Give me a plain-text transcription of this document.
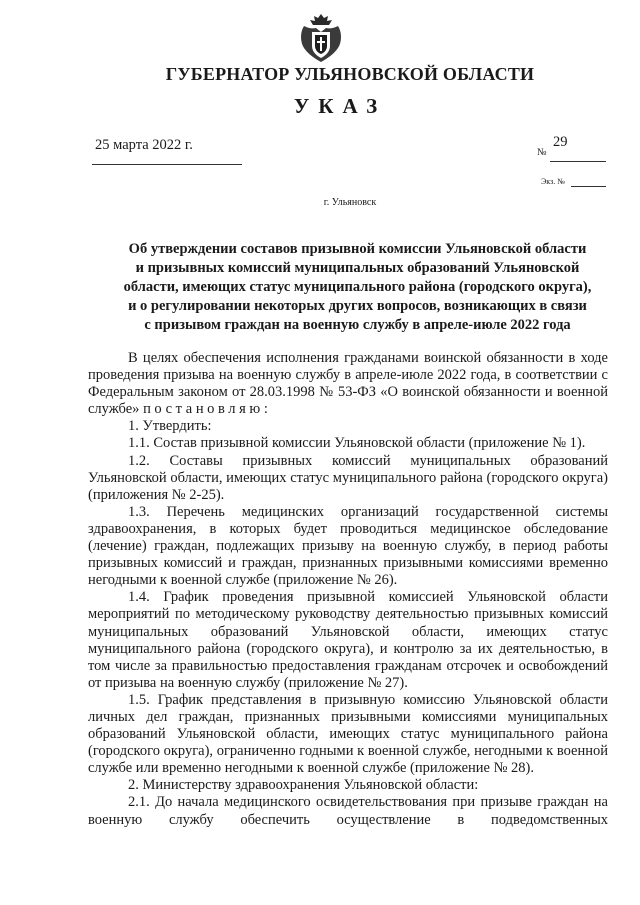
ГУБЕРНАТОР УЛЬЯНОВСКОЙ ОБЛАСТИ
УКАЗ
25 марта 2022 г.	№
29
Экз. №
г. Ульяновск
Об утверждении составов призывной комиссии Ульяновской области
и призывных комиссий муниципальных образований Ульяновской
области, имеющих статус муниципального района (городского округа),
и о регулировании некоторых других вопросов, возникающих в связи
с призывом граждан на военную службу в апреле-июле 2022 года

В целях обеспечения исполнения гражданами воинской обязанности в ходе проведения призыва на военную службу в апреле-июле 2022 года, в соответствии с Федеральным законом от 28.03.1998 № 53-ФЗ «О воинской обязанности и военной службе» постановляю:

1. Утвердить:

1.1. Состав призывной комиссии Ульяновской области (приложение № 1).

1.2. Составы призывных комиссий муниципальных образований Ульяновской области, имеющих статус муниципального района (городского округа) (приложения № 2-25).

1.3. Перечень медицинских организаций государственной системы здравоохранения, в которых будет проводиться медицинское обследование (лечение) граждан, подлежащих призыву на военную службу, в период работы призывных комиссий и граждан, признанных призывными комиссиями временно негодными к военной службе (приложение № 26).

1.4. График проведения призывной комиссией Ульяновской области мероприятий по методическому руководству деятельностью призывных комиссий муниципальных образований Ульяновской области, имеющих статус муниципального района (городского округа), и контролю за их деятельностью, в том числе за правильностью предоставления гражданам отсрочек и освобождений от призыва на военную службу (приложение № 27).

1.5. График представления в призывную комиссию Ульяновской области личных дел граждан, признанных призывными комиссиями муниципальных образований Ульяновской области, имеющих статус муниципального района (городского округа), ограниченно годными к военной службе, негодными к военной службе или временно негодными к военной службе (приложение № 28).

2. Министерству здравоохранения Ульяновской области:

2.1. До начала медицинского освидетельствования при призыве граждан на военную службу обеспечить осуществление в подведомственных
